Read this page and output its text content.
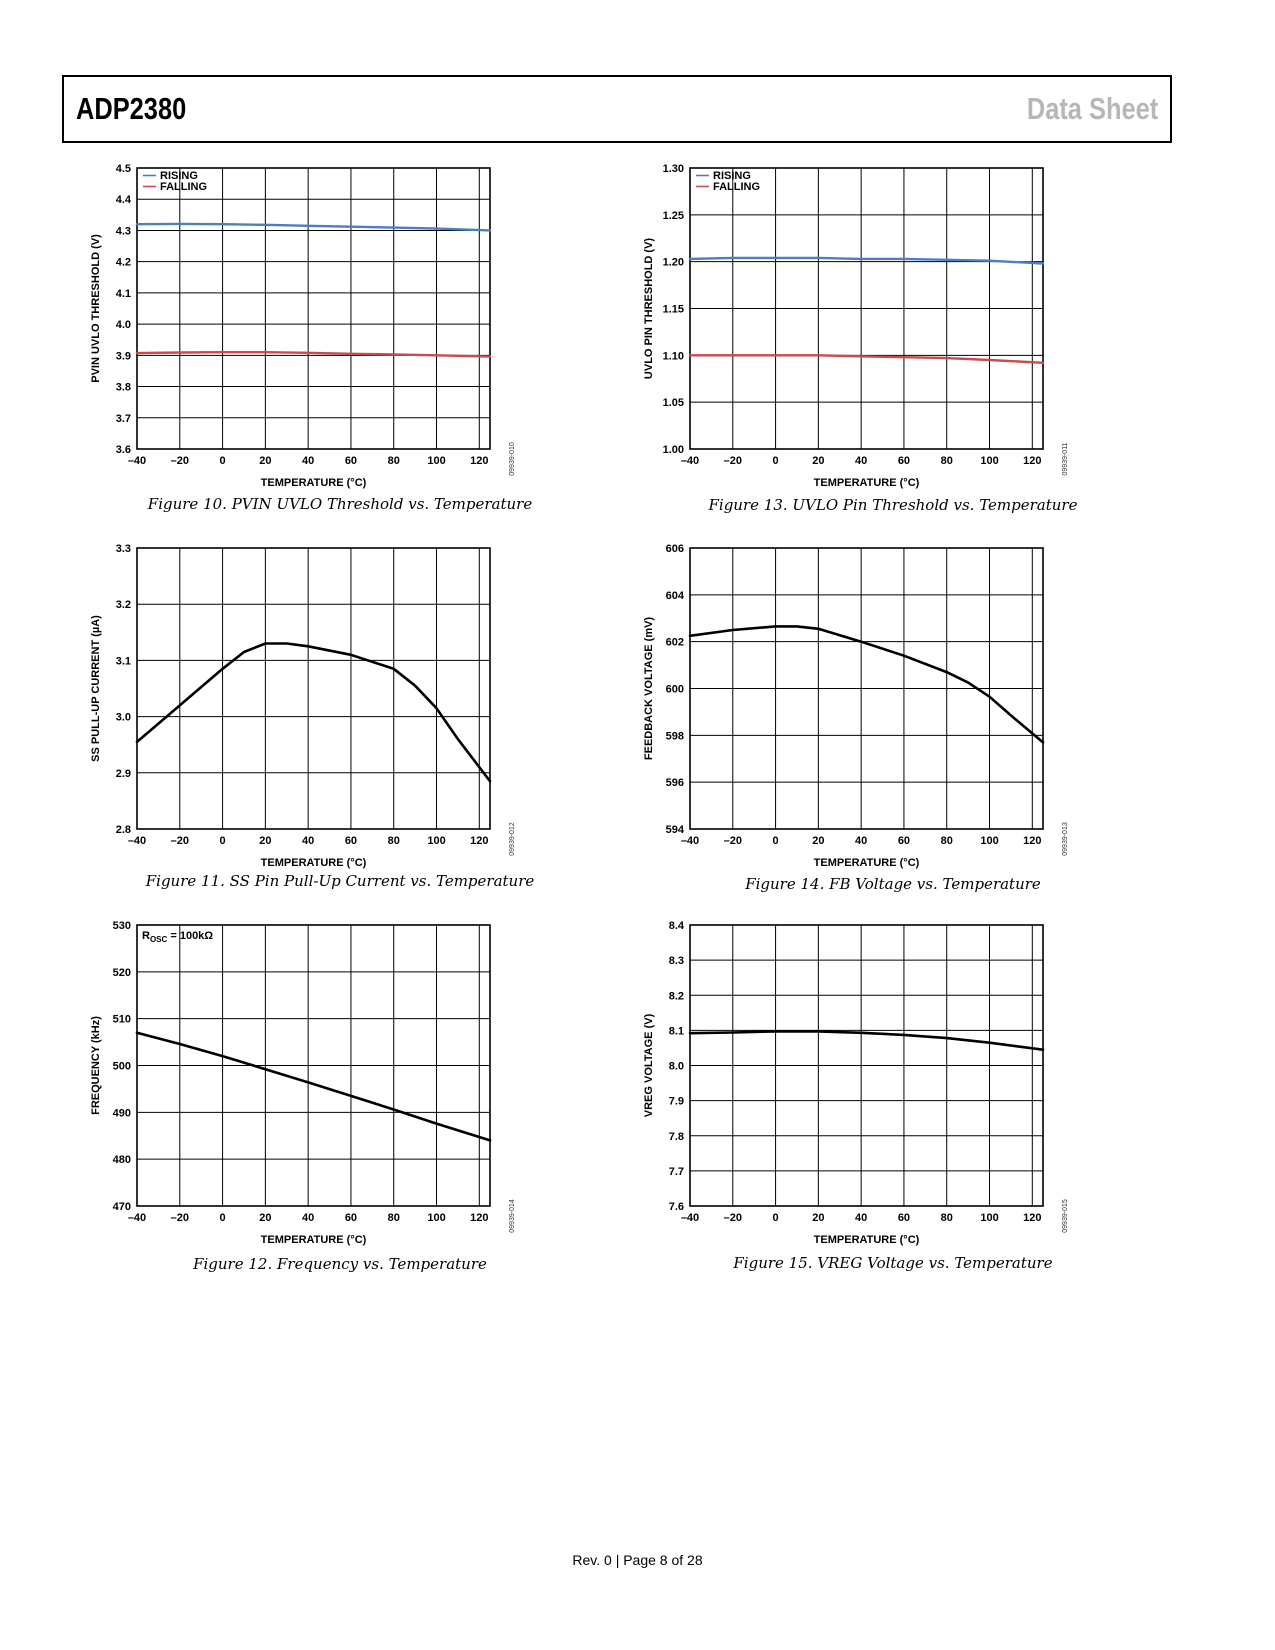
ADP2380	Data Sheet
–40 –20	0	20	40	60	80 100 120
3.6
3.7
3.8
3.9
4.0
4.1
4.2
4.3
4.4
4.5
TEMPERATURE (°C)
PVIN UVLO THRESHOLD (V)
09939-010
RISING
FALLING
Figure 10. PVIN UVLO Threshold vs. Temperature
–40 –20	0	20	40	60	80 100 120
1.00
1.05
1.10
1.15
1.20
1.25
1.30
TEMPERATURE (°C)
UVLO PIN THRESHOLD (V)
09939-011
RISING
FALLING
Figure 13. UVLO Pin Threshold vs. Temperature
–40 –20	0	20	40	60	80 100 120
2.8
2.9
3.0
3.1
3.2
3.3
TEMPERATURE (°C)
SS PULL-UP CURRENT (µA)
09939-012
Figure 11. SS Pin Pull-Up Current vs. Temperature
–40 –20	0	20	40	60	80 100 120
594
596
598
600
602
604
606
TEMPERATURE (°C)
FEEDBACK VOLTAGE (mV)
09939-013
Figure 14. FB Voltage vs. Temperature
–40 –20	0	20	40	60	80 100 120
470
480
490
500
510
520
530
TEMPERATURE (°C)
FREQUENCY (kHz)
09939-014
$R_{OSC} = 100k\Omega$
Figure 12. Frequency vs. Temperature
–40 –20	0	20	40	60	80 100 120
7.6
7.7
7.8
7.9
8.0
8.1
8.2
8.3
8.4
TEMPERATURE (°C)
VREG VOLTAGE (V)
09939-015
Figure 15. VREG Voltage vs. Temperature
Rev. 0 | Page 8 of 28
